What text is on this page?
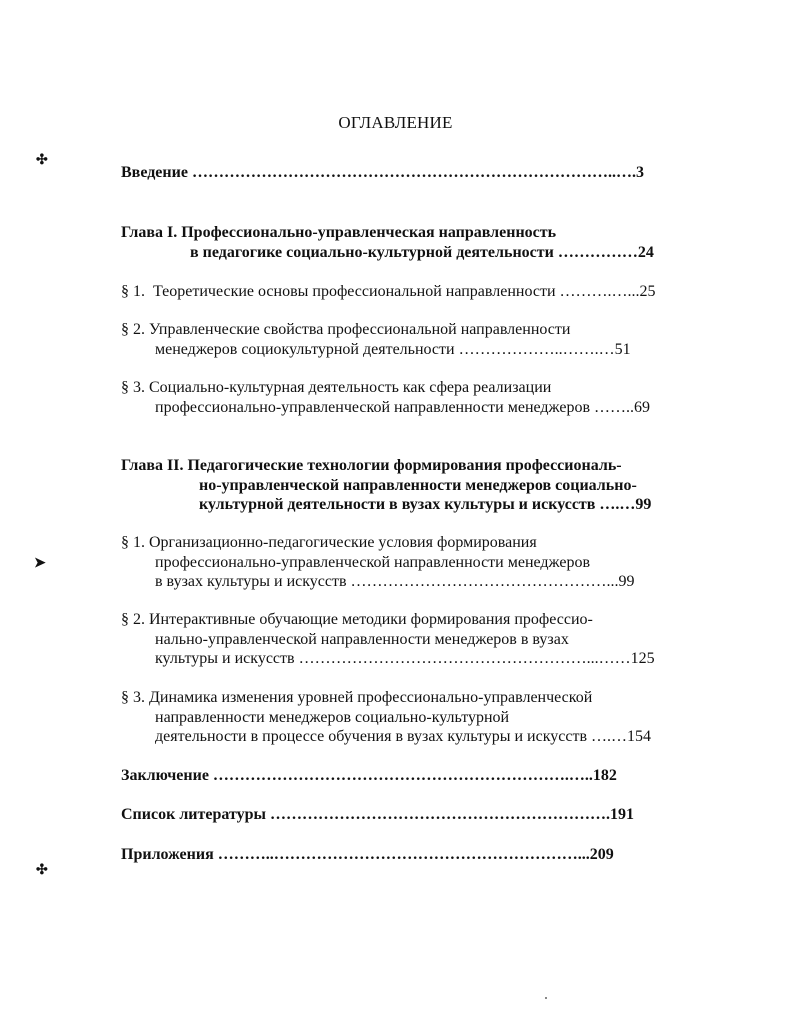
ОГЛАВЛЕНИЕ
✣
➤
✣
Введение ……………………………………………………………………..….3
Глава I. Профессионально-управленческая направленность
в педагогике социально-культурной деятельности ……………24
§ 1.  Теоретические основы профессиональной направленности ……….…...25
§ 2. Управленческие свойства профессиональной направленности
менеджеров социокультурной деятельности ………………..…….…51
§ 3. Социально-культурная деятельность как сфера реализации
профессионально-управленческой направленности менеджеров ……..69
Глава II. Педагогические технологии формирования профессиональ-
но-управленческой направленности менеджеров социально-
культурной деятельности в вузах культуры и искусств ….…99
§ 1. Организационно-педагогические условия формирования
профессионально-управленческой направленности менеджеров
в вузах культуры и искусств …………………………………………...99
§ 2. Интерактивные обучающие методики формирования профессио-
нально-управленческой направленности менеджеров в вузах
культуры и искусств ………………………………………………...……125
§ 3. Динамика изменения уровней профессионально-управленческой
направленности менеджеров социально-культурной
деятельности в процессе обучения в вузах культуры и искусств ….…154
Заключение ………………………………………………………….…..182
Список литературы ……………………………………………………….191
Приложения ………..…………………………………………………...209
